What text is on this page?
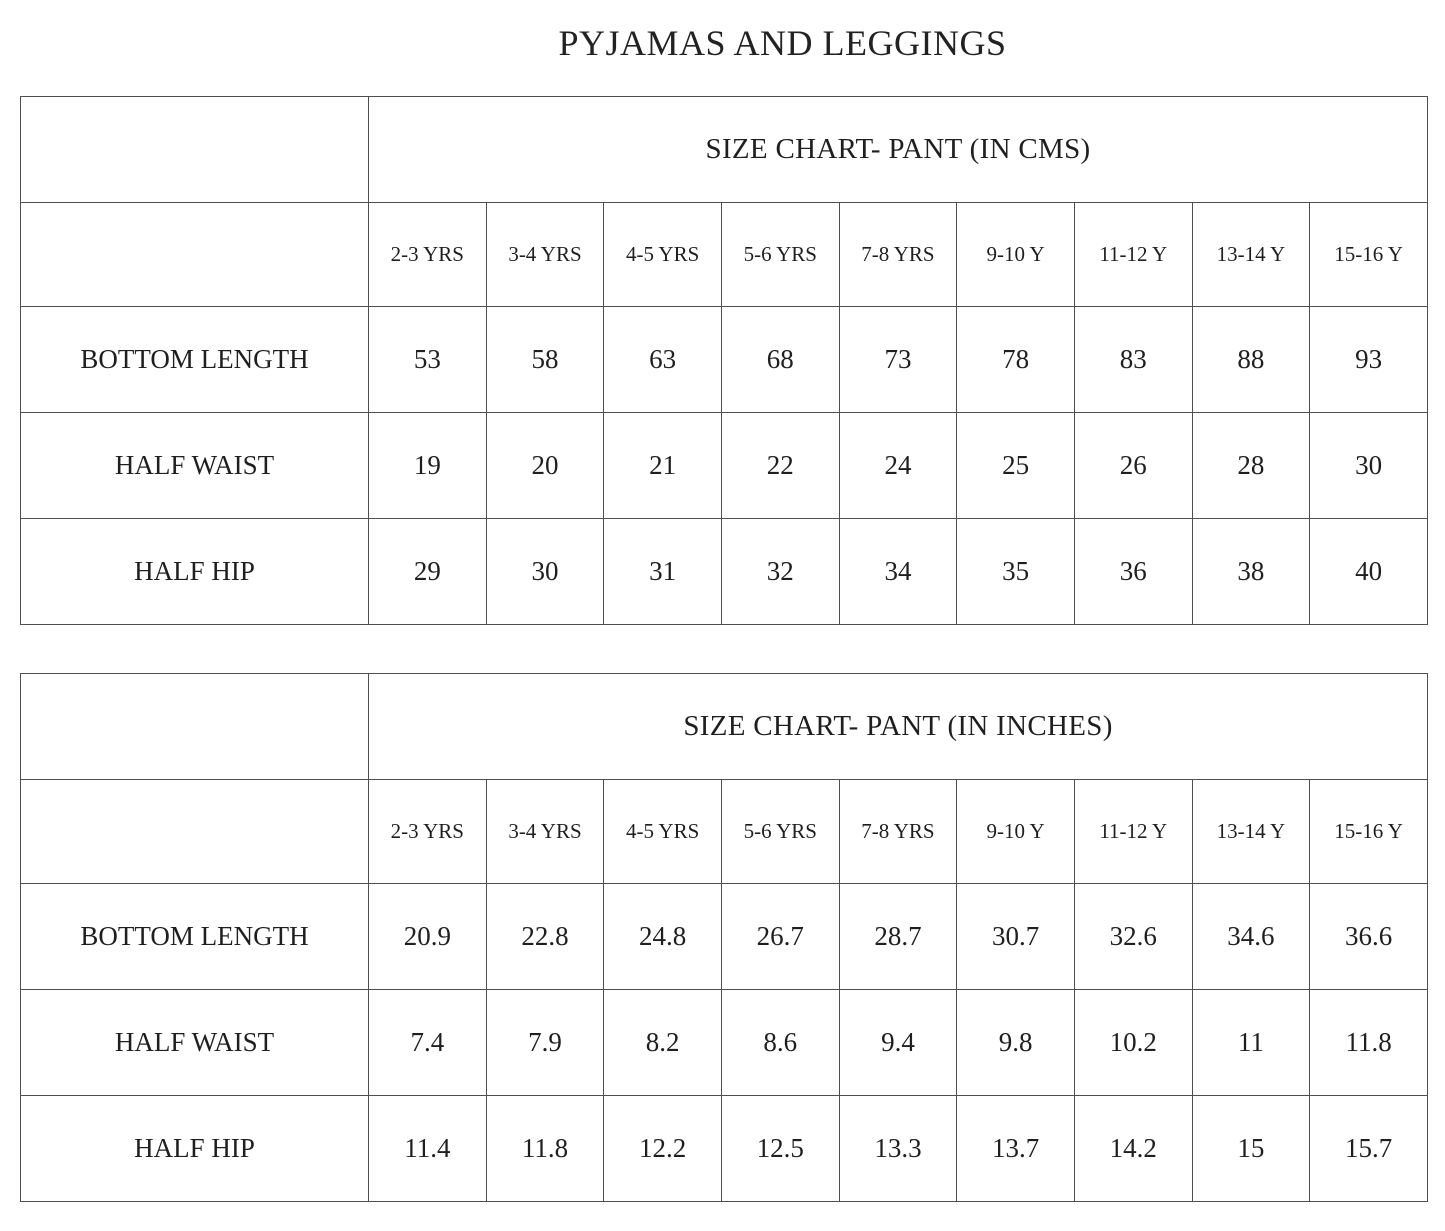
PYJAMAS AND LEGGINGS
	SIZE CHART- PANT (IN CMS)								
	2-3 YRS	3-4 YRS	4-5 YRS	5-6 YRS	7-8 YRS	9-10 Y	11-12 Y	13-14 Y	15-16 Y
BOTTOM LENGTH	53	58	63	68	73	78	83	88	93
HALF WAIST	19	20	21	22	24	25	26	28	30
HALF HIP	29	30	31	32	34	35	36	38	40
	SIZE CHART- PANT (IN INCHES)								
	2-3 YRS	3-4 YRS	4-5 YRS	5-6 YRS	7-8 YRS	9-10 Y	11-12 Y	13-14 Y	15-16 Y
BOTTOM LENGTH	20.9	22.8	24.8	26.7	28.7	30.7	32.6	34.6	36.6
HALF WAIST	7.4	7.9	8.2	8.6	9.4	9.8	10.2	11	11.8
HALF HIP	11.4	11.8	12.2	12.5	13.3	13.7	14.2	15	15.7
